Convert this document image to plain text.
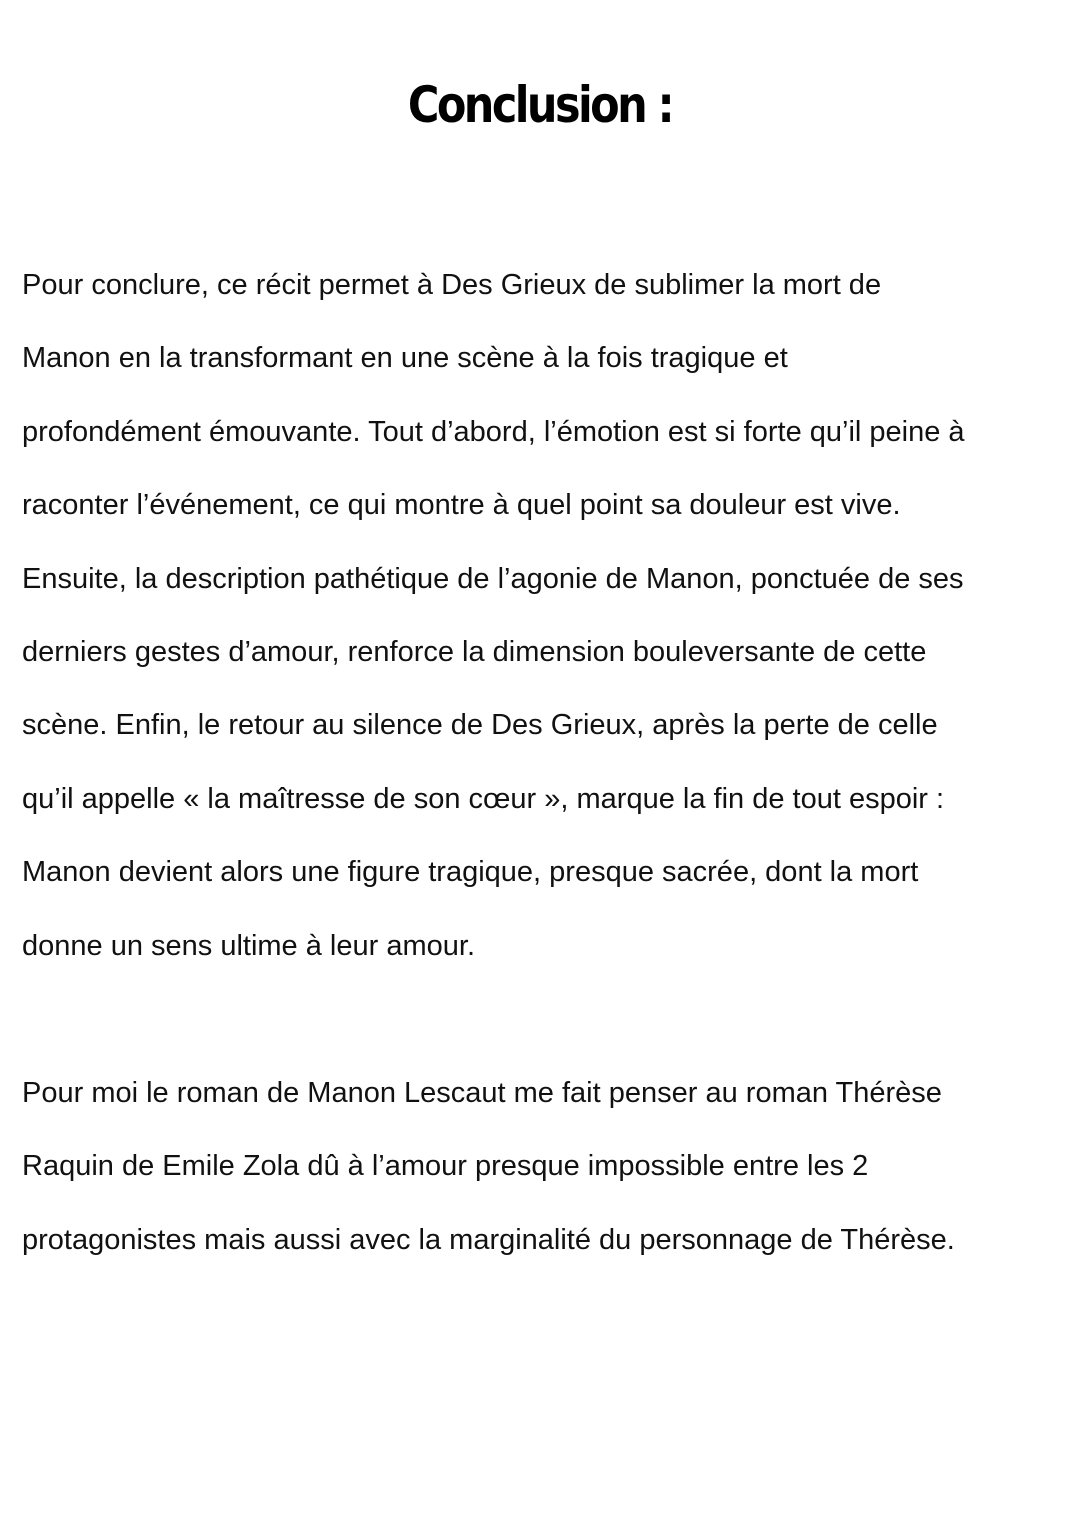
Conclusion :

Pour conclure, ce récit permet à Des Grieux de sublimer la mort de
Manon en la transformant en une scène à la fois tragique et
profondément émouvante. Tout d’abord, l’émotion est si forte qu’il peine à
raconter l’événement, ce qui montre à quel point sa douleur est vive.
Ensuite, la description pathétique de l’agonie de Manon, ponctuée de ses
derniers gestes d’amour, renforce la dimension bouleversante de cette
scène. Enfin, le retour au silence de Des Grieux, après la perte de celle
qu’il appelle « la maîtresse de son cœur », marque la fin de tout espoir :
Manon devient alors une figure tragique, presque sacrée, dont la mort
donne un sens ultime à leur amour.

Pour moi le roman de Manon Lescaut me fait penser au roman Thérèse
Raquin de Emile Zola dû à l’amour presque impossible entre les 2
protagonistes mais aussi avec la marginalité du personnage de Thérèse.
